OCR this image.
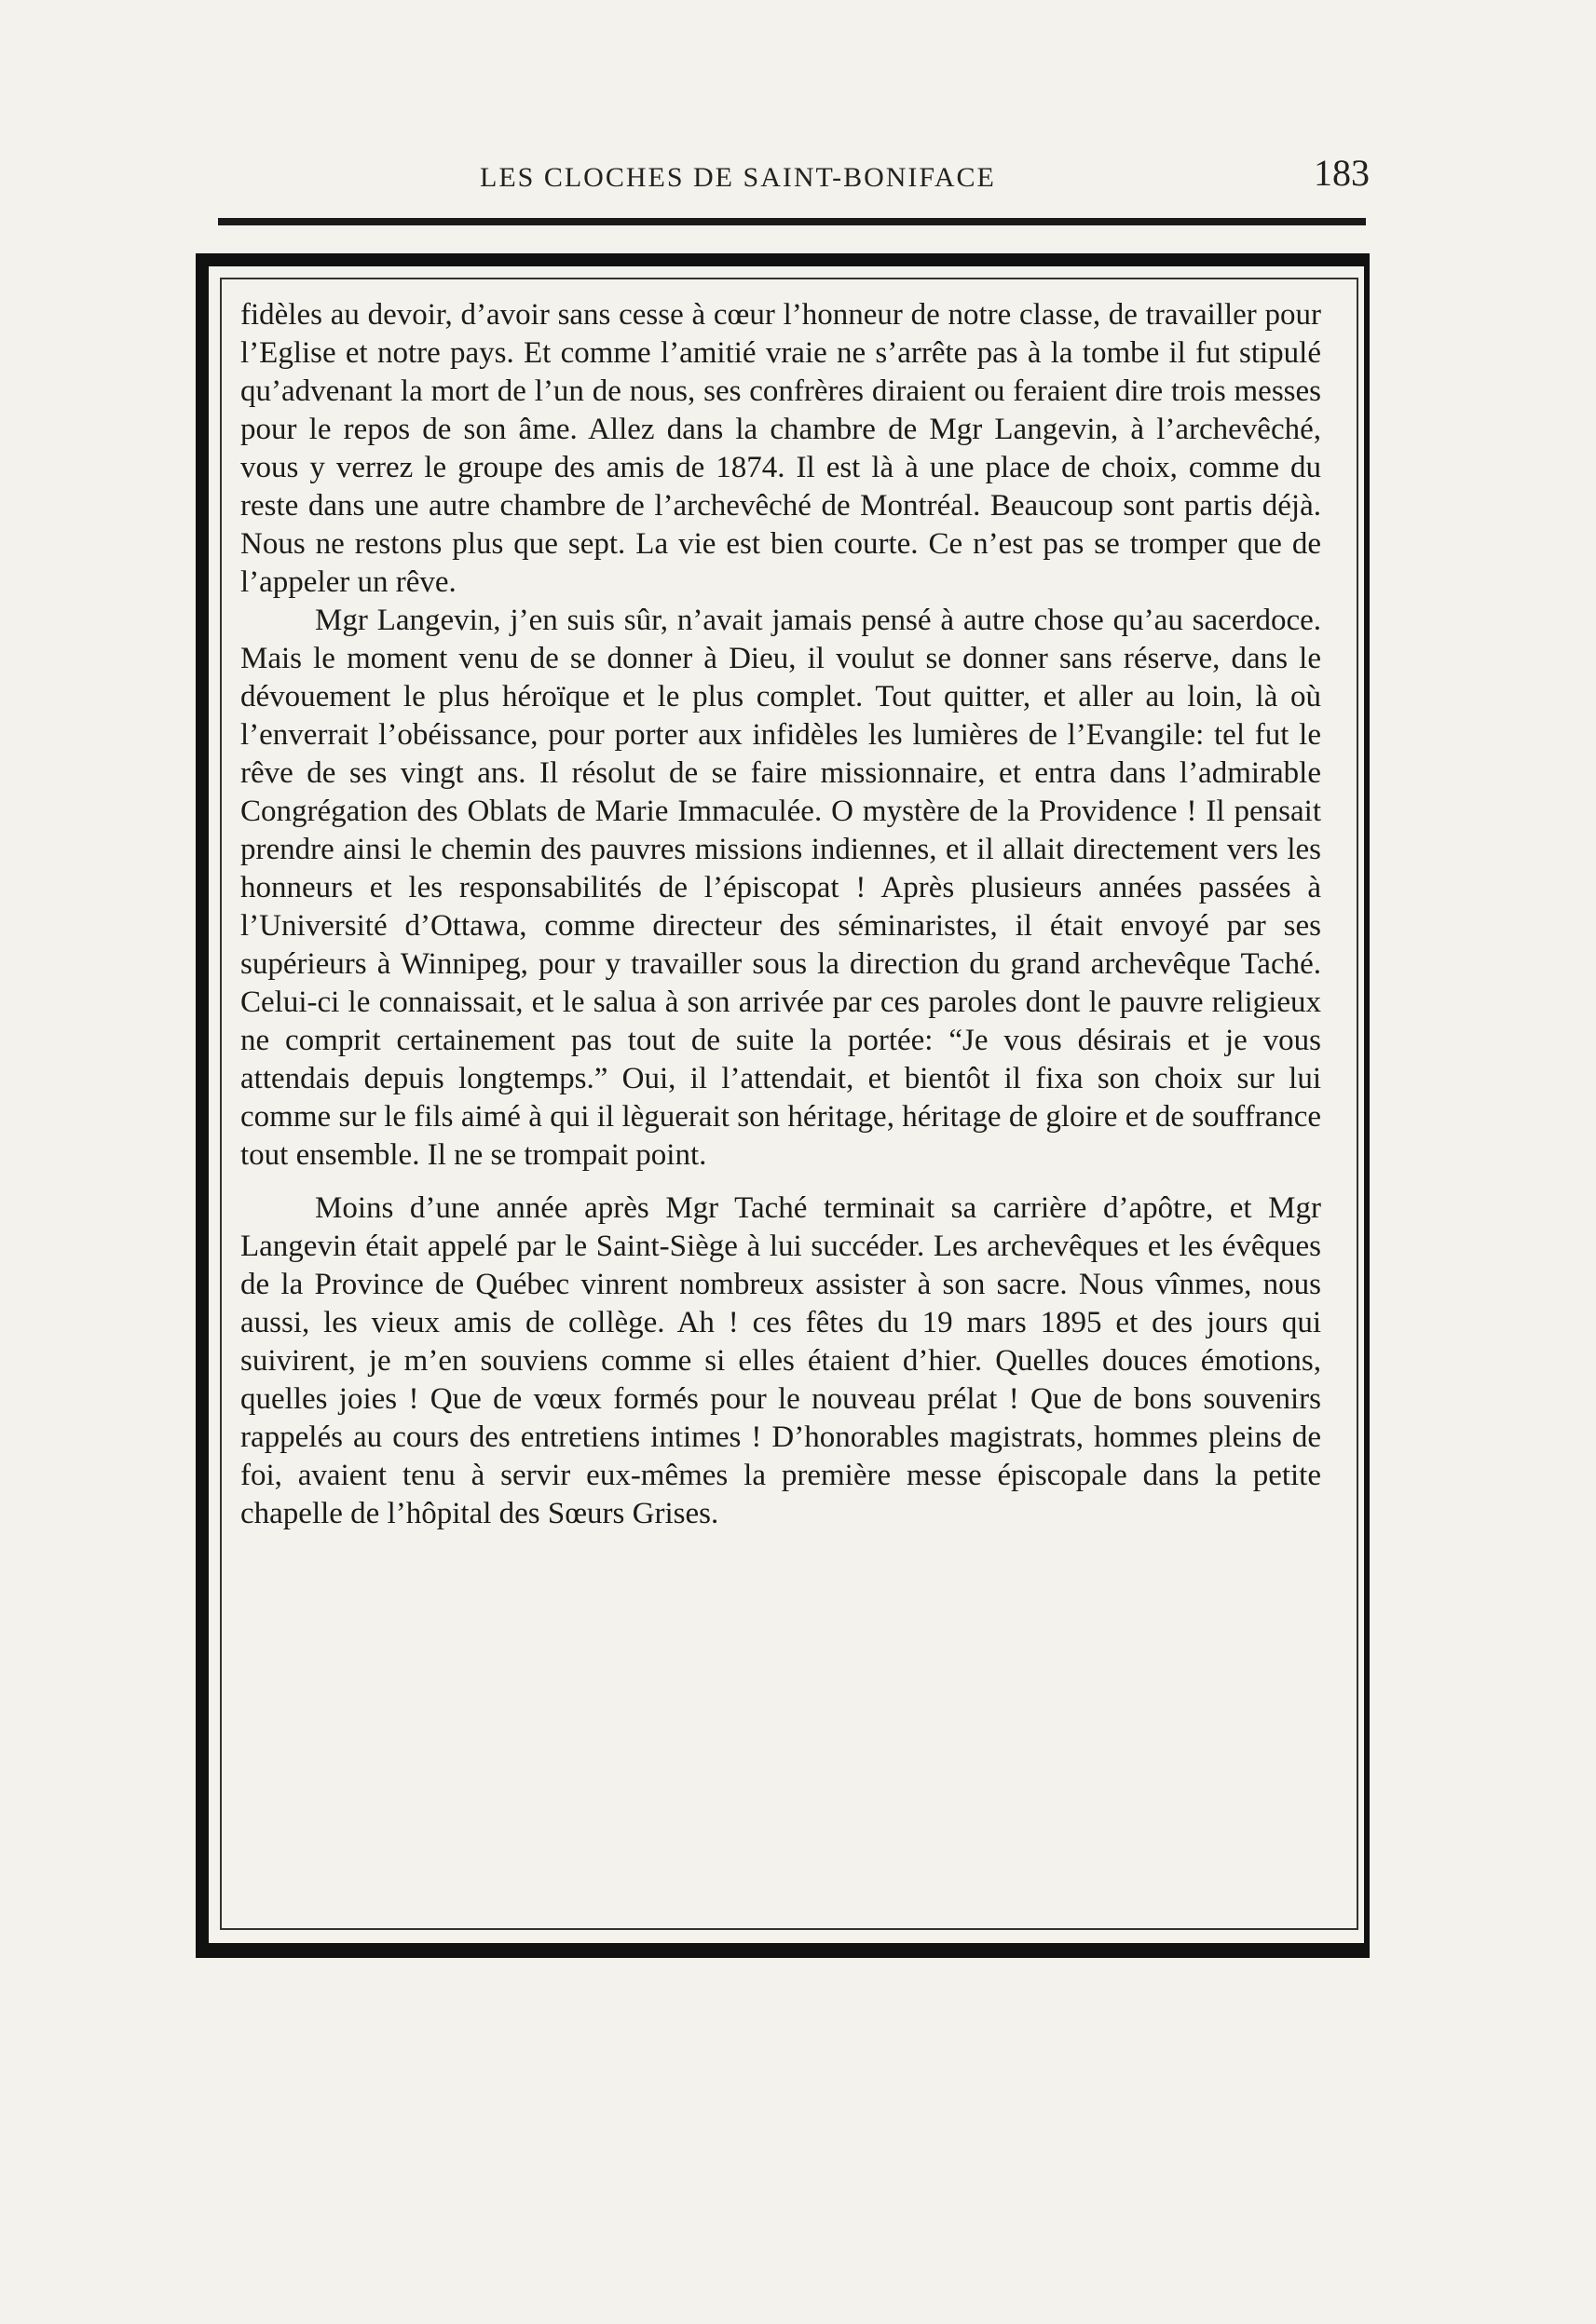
LES CLOCHES DE SAINT-BONIFACE	183

fidèles au devoir, d’avoir sans cesse à cœur l’honneur de notre classe, de travailler pour l’Eglise et notre pays. Et comme l’amitié vraie ne s’arrête pas à la tombe il fut stipulé qu’advenant la mort de l’un de nous, ses confrères diraient ou feraient dire trois messes pour le repos de son âme. Allez dans la chambre de Mgr Langevin, à l’archevêché, vous y verrez le groupe des amis de 1874. Il est là à une place de choix, comme du reste dans une autre chambre de l’archevêché de Montréal. Beaucoup sont partis déjà. Nous ne restons plus que sept. La vie est bien courte. Ce n’est pas se tromper que de l’appeler un rêve.

Mgr Langevin, j’en suis sûr, n’avait jamais pensé à autre chose qu’au sacerdoce. Mais le moment venu de se donner à Dieu, il voulut se donner sans réserve, dans le dévouement le plus héroïque et le plus complet. Tout quitter, et aller au loin, là où l’enverrait l’obéissance, pour porter aux infidèles les lumières de l’Evangile: tel fut le rêve de ses vingt ans. Il résolut de se faire missionnaire, et entra dans l’admirable Congrégation des Oblats de Marie Immaculée. O mystère de la Providence ! Il pensait prendre ainsi le chemin des pauvres missions indiennes, et il allait directement vers les honneurs et les responsabilités de l’épiscopat ! Après plusieurs années passées à l’Université d’Ottawa, comme directeur des séminaristes, il était envoyé par ses supérieurs à Winnipeg, pour y travailler sous la direction du grand archevêque Taché. Celui-ci le connaissait, et le salua à son arrivée par ces paroles dont le pauvre religieux ne comprit certainement pas tout de suite la portée: “Je vous désirais et je vous attendais depuis longtemps.” Oui, il l’attendait, et bientôt il fixa son choix sur lui comme sur le fils aimé à qui il lèguerait son héritage, héritage de gloire et de souffrance tout ensemble. Il ne se trompait point.

Moins d’une année après Mgr Taché terminait sa carrière d’apôtre, et Mgr Langevin était appelé par le Saint-Siège à lui succéder. Les archevêques et les évêques de la Province de Québec vinrent nombreux assister à son sacre. Nous vînmes, nous aussi, les vieux amis de collège. Ah ! ces fêtes du 19 mars 1895 et des jours qui suivirent, je m’en souviens comme si elles étaient d’hier. Quelles douces émotions, quelles joies ! Que de vœux formés pour le nouveau prélat ! Que de bons souvenirs rappelés au cours des entretiens intimes ! D’honorables magistrats, hommes pleins de foi, avaient tenu à servir eux-mêmes la première messe épiscopale dans la petite chapelle de l’hôpital des Sœurs Grises.
